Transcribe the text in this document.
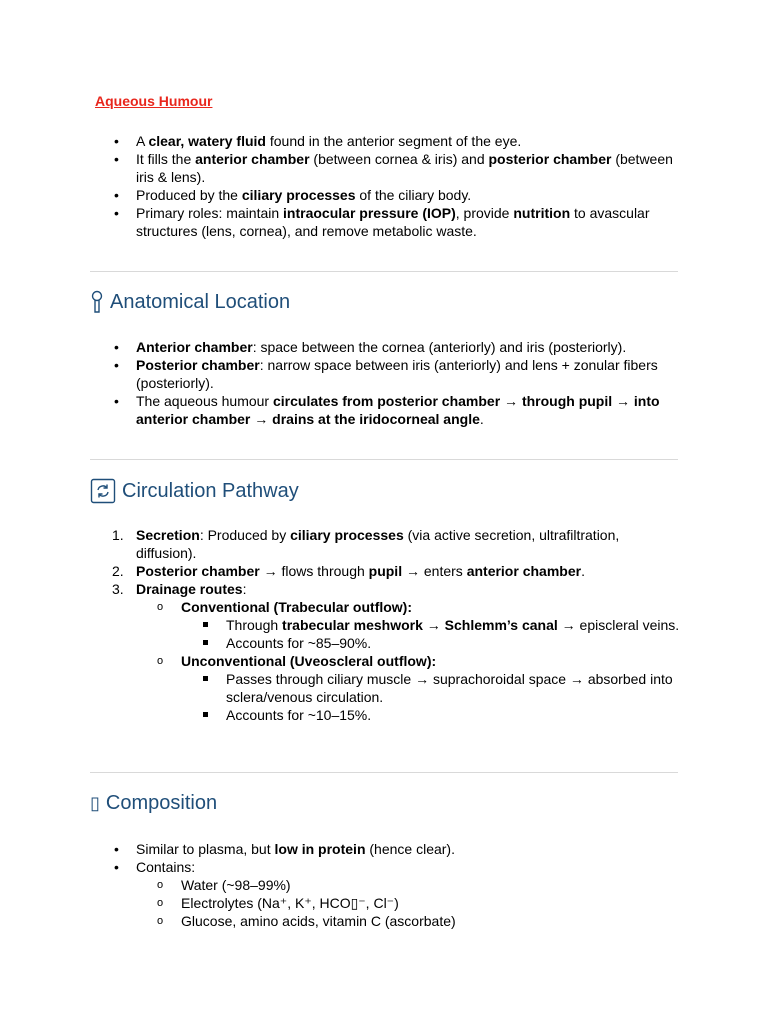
Aqueous Humour
• A clear, watery fluid found in the anterior segment of the eye.
• It fills the anterior chamber (between cornea & iris) and posterior chamber (between iris & lens).
• Produced by the ciliary processes of the ciliary body.
• Primary roles: maintain intraocular pressure (IOP), provide nutrition to avascular structures (lens, cornea), and remove metabolic waste.
Anatomical Location
• Anterior chamber: space between the cornea (anteriorly) and iris (posteriorly).
• Posterior chamber: narrow space between iris (anteriorly) and lens + zonular fibers (posteriorly).
• The aqueous humour circulates from posterior chamber → through pupil → into anterior chamber → drains at the iridocorneal angle.
Circulation Pathway
1. Secretion: Produced by ciliary processes (via active secretion, ultrafiltration, diffusion).
2. Posterior chamber → flows through pupil → enters anterior chamber.
3. Drainage routes:
o	Conventional (Trabecular outflow):
Through trabecular meshwork → Schlemm’s canal → episcleral veins.
Accounts for ~85–90%.
o	Unconventional (Uveoscleral outflow):
Passes through ciliary muscle → suprachoroidal space → absorbed into sclera/venous circulation.
Accounts for ~10–15%.
▯ Composition
• Similar to plasma, but low in protein (hence clear).
• Contains:
o	Water (~98–99%)
o	Electrolytes (Na⁺, K⁺, HCO▯⁻, Cl⁻)
o	Glucose, amino acids, vitamin C (ascorbate)
